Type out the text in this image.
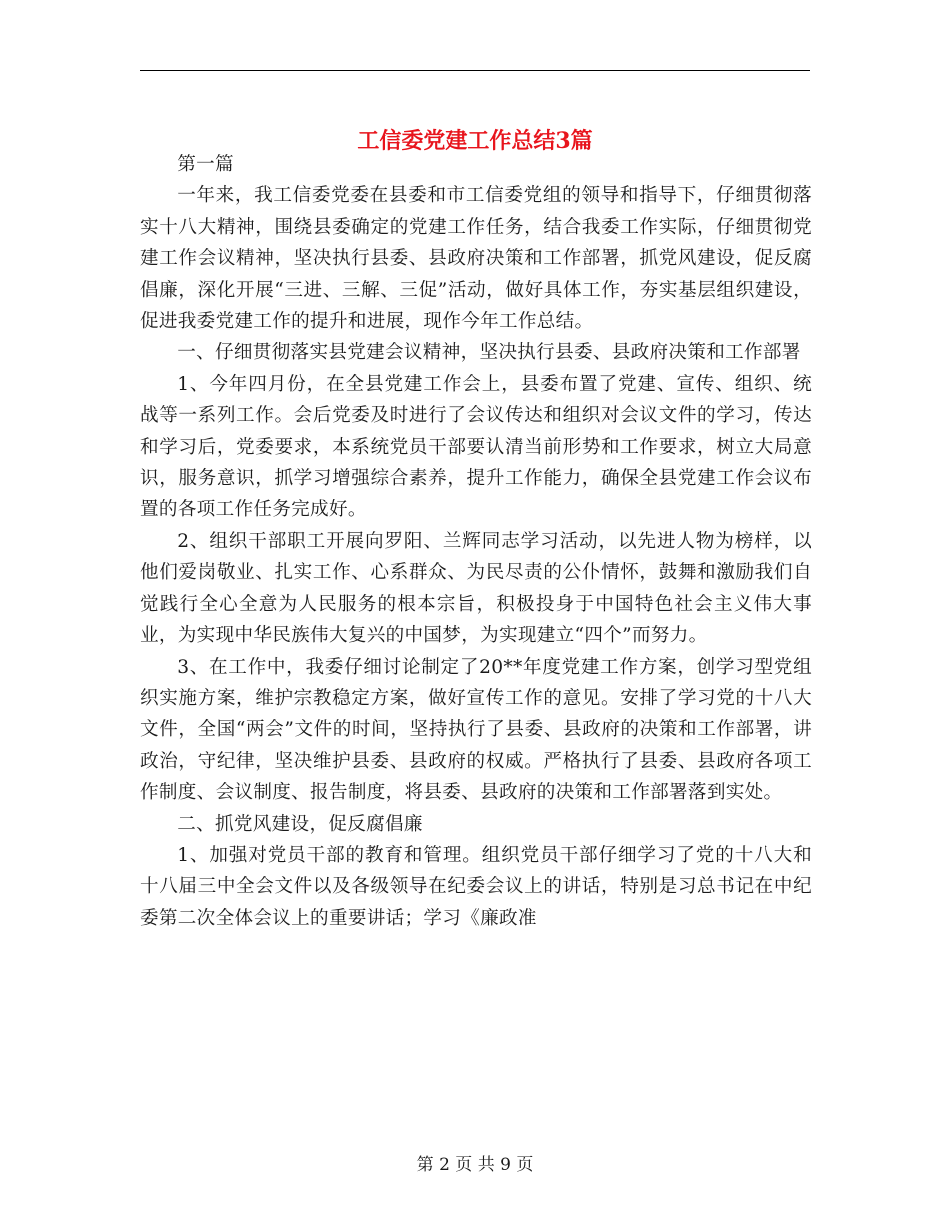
工信委党建工作总结3篇

第一篇

一年来，我工信委党委在县委和市工信委党组的领导和指导下，仔细贯彻落实十八大精神，围绕县委确定的党建工作任务，结合我委工作实际，仔细贯彻党建工作会议精神，坚决执行县委、县政府决策和工作部署，抓党风建设，促反腐倡廉，深化开展“三进、三解、三促”活动，做好具体工作，夯实基层组织建设，促进我委党建工作的提升和进展，现作今年工作总结。

一、仔细贯彻落实县党建会议精神，坚决执行县委、县政府决策和工作部署

1、今年四月份，在全县党建工作会上，县委布置了党建、宣传、组织、统战等一系列工作。会后党委及时进行了会议传达和组织对会议文件的学习，传达和学习后，党委要求，本系统党员干部要认清当前形势和工作要求，树立大局意识，服务意识，抓学习增强综合素养，提升工作能力，确保全县党建工作会议布置的各项工作任务完成好。

2、组织干部职工开展向罗阳、兰辉同志学习活动，以先进人物为榜样，以他们爱岗敬业、扎实工作、心系群众、为民尽责的公仆情怀，鼓舞和激励我们自觉践行全心全意为人民服务的根本宗旨，积极投身于中国特色社会主义伟大事业，为实现中华民族伟大复兴的中国梦，为实现建立“四个”而努力。

3、在工作中，我委仔细讨论制定了20**年度党建工作方案，创学习型党组织实施方案，维护宗教稳定方案，做好宣传工作的意见。安排了学习党的十八大文件，全国“两会”文件的时间，坚持执行了县委、县政府的决策和工作部署，讲政治，守纪律，坚决维护县委、县政府的权威。严格执行了县委、县政府各项工作制度、会议制度、报告制度，将县委、县政府的决策和工作部署落到实处。

二、抓党风建设，促反腐倡廉

1、加强对党员干部的教育和管理。组织党员干部仔细学习了党的十八大和十八届三中全会文件以及各级领导在纪委会议上的讲话，特别是习总书记在中纪委第二次全体会议上的重要讲话；学习《廉政准

第 2 页 共 9 页
